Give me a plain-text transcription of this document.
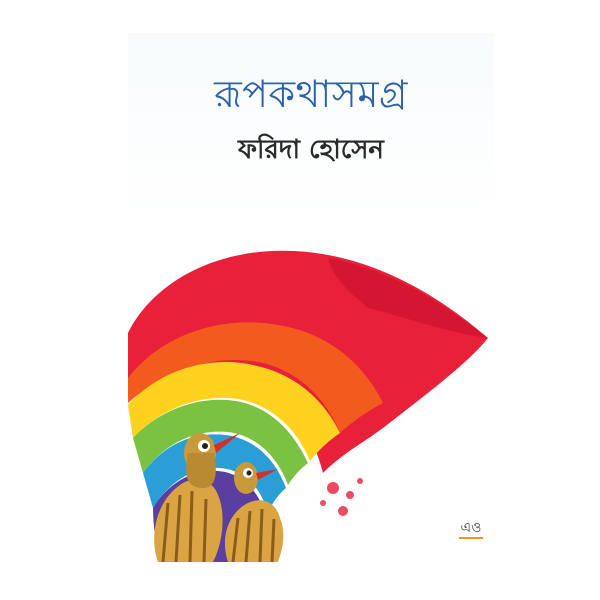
রূপকথাসমগ্র
ফরিদা হোসেন
এও
